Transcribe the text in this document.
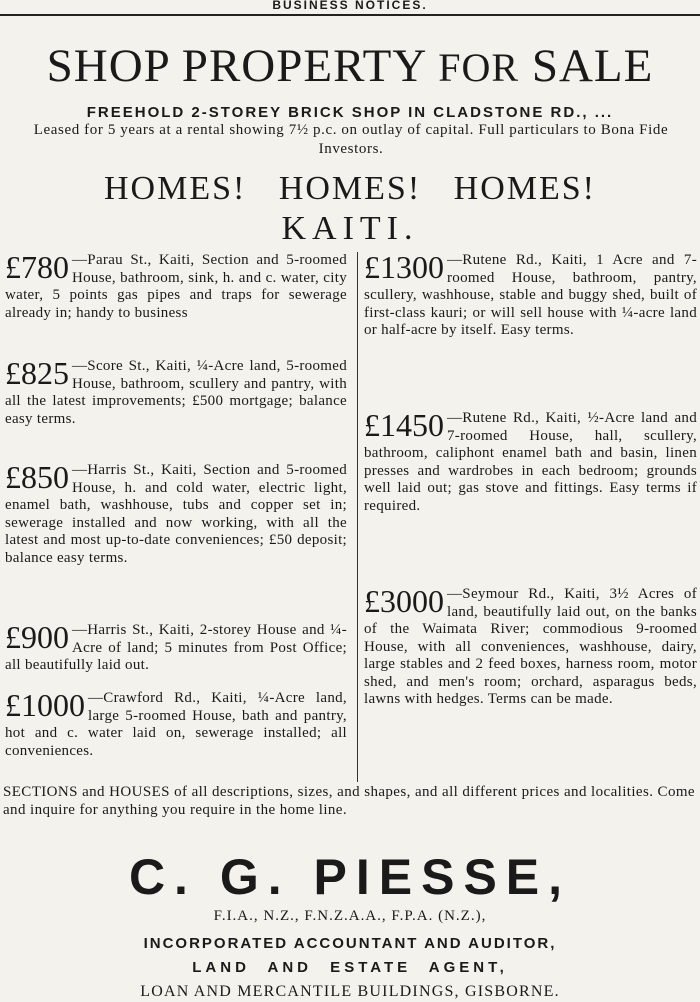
BUSINESS NOTICES.
SHOP PROPERTY FOR SALE
FREEHOLD 2-STOREY BRICK SHOP IN CLADSTONE RD., ...
Leased for 5 years at a rental showing 7½ p.c. on outlay of capital. Full particulars to Bona Fide Investors.
HOMES! HOMES! HOMES!
KAITI.
£780 —Parau St., Kaiti, Section and 5-roomed House, bathroom, sink, h. and c. water, city water, 5 points gas pipes and traps for sewerage already in; handy to business
£825 —Score St., Kaiti, ¼-Acre land, 5-roomed House, bathroom, scullery and pantry, with all the latest improvements; £500 mortgage; balance easy terms.
£850 —Harris St., Kaiti, Section and 5-roomed House, h. and cold water, electric light, enamel bath, washhouse, tubs and copper set in; sewerage installed and now working, with all the latest and most up-to-date conveniences; £50 deposit; balance easy terms.
£900 —Harris St., Kaiti, 2-storey House and ¼-Acre of land; 5 minutes from Post Office; all beautifully laid out.
£1000 —Crawford Rd., Kaiti, ¼-Acre land, large 5-roomed House, bath and pantry, hot and c. water laid on, sewerage installed; all conveniences.
£1300 —Rutene Rd., Kaiti, 1 Acre and 7-roomed House, bathroom, pantry, scullery, washhouse, stable and buggy shed, built of first-class kauri; or will sell house with ¼-acre land or half-acre by itself. Easy terms.
£1450 —Rutene Rd., Kaiti, ½-Acre land and 7-roomed House, hall, scullery, bathroom, caliphont enamel bath and basin, linen presses and wardrobes in each bedroom; grounds well laid out; gas stove and fittings. Easy terms if required.
£3000 —Seymour Rd., Kaiti, 3½ Acres of land, beautifully laid out, on the banks of the Waimata River; commodious 9-roomed House, with all conveniences, washhouse, dairy, large stables and 2 feed boxes, harness room, motor shed, and men's room; orchard, asparagus beds, lawns with hedges. Terms can be made.
SECTIONS and HOUSES of all descriptions, sizes, and shapes, and all different prices and localities. Come and inquire for anything you require in the home line.
C. G. PIESSE,
F.I.A., N.Z., F.N.Z.A.A., F.P.A. (N.Z.),
INCORPORATED ACCOUNTANT AND AUDITOR,
LAND AND ESTATE AGENT,
LOAN AND MERCANTILE BUILDINGS, GISBORNE.
